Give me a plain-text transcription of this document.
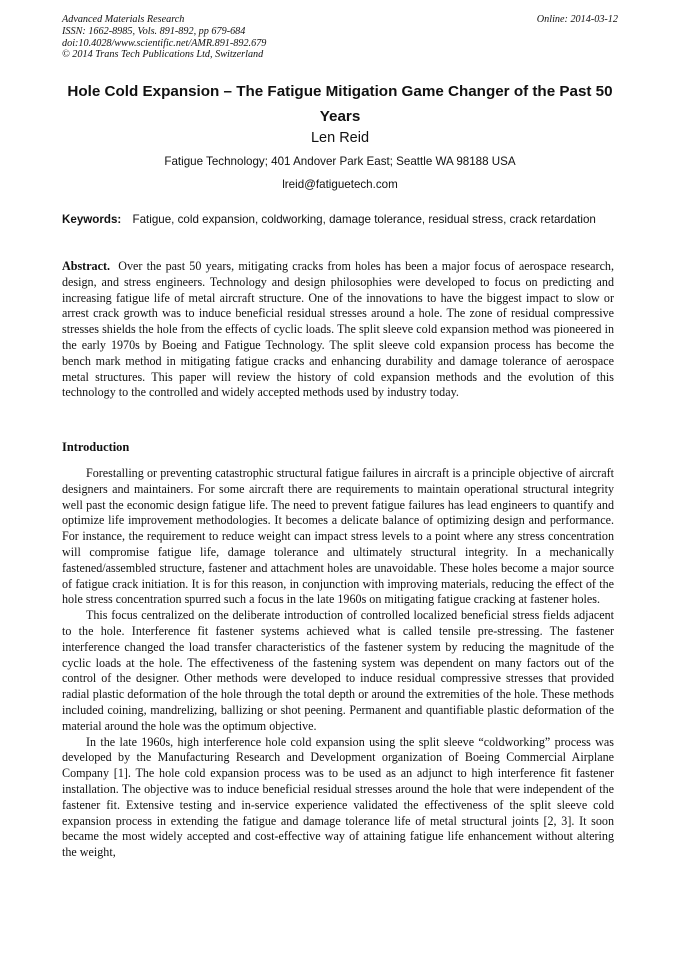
Advanced Materials Research
ISSN: 1662-8985, Vols. 891-892, pp 679-684
doi:10.4028/www.scientific.net/AMR.891-892.679
© 2014 Trans Tech Publications Ltd, Switzerland
Online: 2014-03-12
Hole Cold Expansion – The Fatigue Mitigation Game Changer of the Past 50 Years
Len Reid
Fatigue Technology; 401 Andover Park East; Seattle WA 98188 USA
lreid@fatiguetech.com
Keywords: Fatigue, cold expansion, coldworking, damage tolerance, residual stress, crack retardation
Abstract. Over the past 50 years, mitigating cracks from holes has been a major focus of aerospace research, design, and stress engineers. Technology and design philosophies were developed to focus on predicting and increasing fatigue life of metal aircraft structure. One of the innovations to have the biggest impact to slow or arrest crack growth was to induce beneficial residual stresses around a hole. The zone of residual compressive stresses shields the hole from the effects of cyclic loads. The split sleeve cold expansion method was pioneered in the early 1970s by Boeing and Fatigue Technology. The split sleeve cold expansion process has become the bench mark method in mitigating fatigue cracks and enhancing durability and damage tolerance of aerospace metal structures. This paper will review the history of cold expansion methods and the evolution of this technology to the controlled and widely accepted methods used by industry today.
Introduction

Forestalling or preventing catastrophic structural fatigue failures in aircraft is a principle objective of aircraft designers and maintainers. For some aircraft there are requirements to maintain operational structural integrity well past the economic design fatigue life. The need to prevent fatigue failures has lead engineers to quantify and optimize life improvement methodologies. It becomes a delicate balance of optimizing design and performance. For instance, the requirement to reduce weight can impact stress levels to a point where any stress concentration will compromise fatigue life, damage tolerance and ultimately structural integrity. In a mechanically fastened/assembled structure, fastener and attachment holes are unavoidable. These holes become a major source of fatigue crack initiation. It is for this reason, in conjunction with improving materials, reducing the effect of the hole stress concentration spurred such a focus in the late 1960s on mitigating fatigue cracking at fastener holes.

This focus centralized on the deliberate introduction of controlled localized beneficial stress fields adjacent to the hole. Interference fit fastener systems achieved what is called tensile pre-stressing. The fastener interference changed the load transfer characteristics of the fastener system by reducing the magnitude of the cyclic loads at the hole. The effectiveness of the fastening system was dependent on many factors out of the control of the designer. Other methods were developed to induce residual compressive stresses that provided radial plastic deformation of the hole through the total depth or around the extremities of the hole. These methods included coining, mandrelizing, ballizing or shot peening. Permanent and quantifiable plastic deformation of the material around the hole was the optimum objective.

In the late 1960s, high interference hole cold expansion using the split sleeve “coldworking” process was developed by the Manufacturing Research and Development organization of Boeing Commercial Airplane Company [1]. The hole cold expansion process was to be used as an adjunct to high interference fit fastener installation. The objective was to induce beneficial residual stresses around the hole that were independent of the fastener fit. Extensive testing and in-service experience validated the effectiveness of the split sleeve cold expansion process in extending the fatigue and damage tolerance life of metal structural joints [2, 3]. It soon became the most widely accepted and cost-effective way of attaining fatigue life enhancement without altering the weight,
